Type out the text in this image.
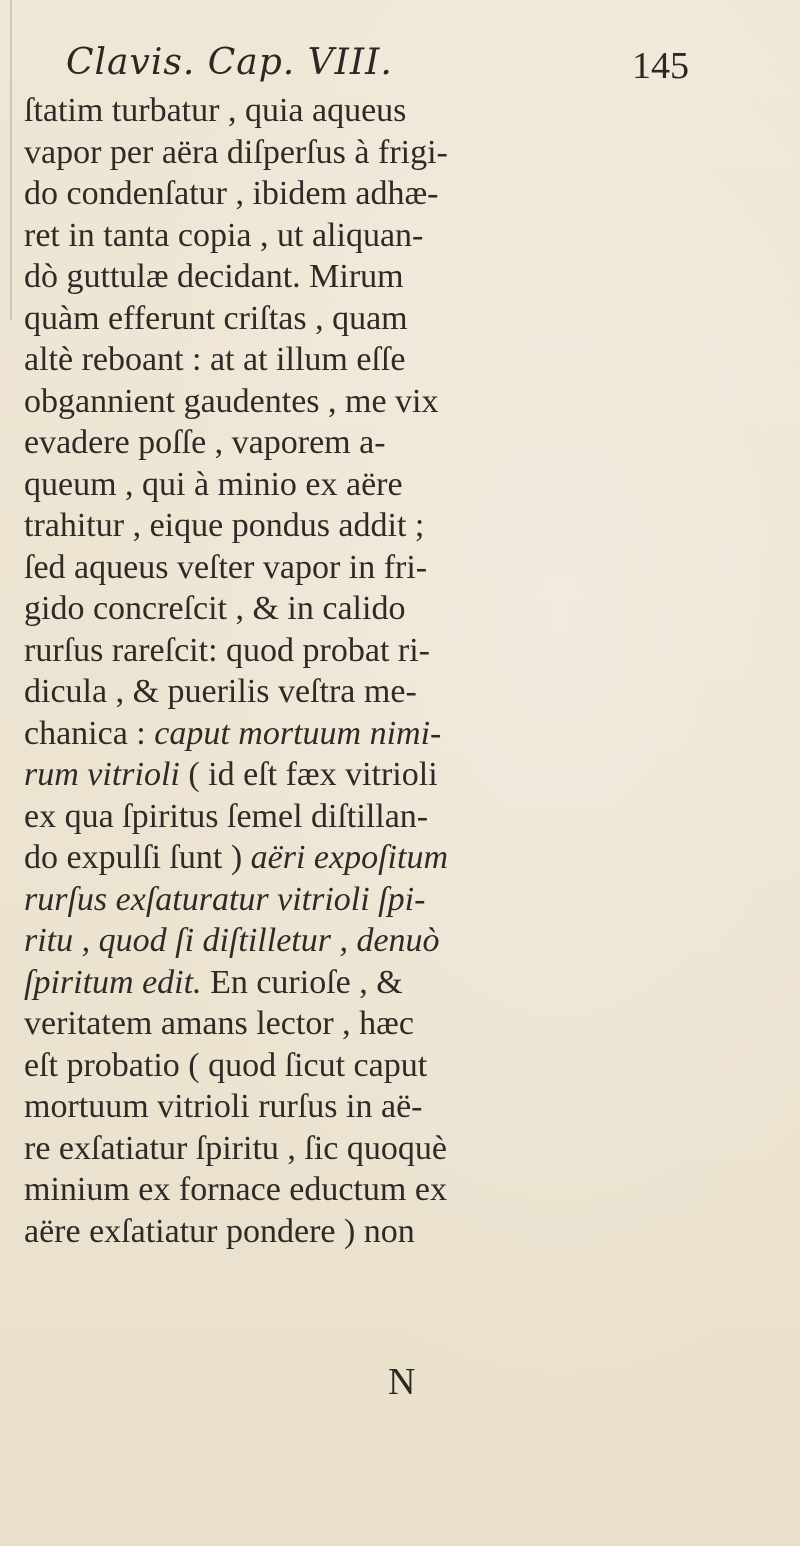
Clavis. Cap. VIII.	145
ſtatim turbatur , quia aqueus
vapor per aëra diſperſus à frigi-
do condenſatur , ibidem adhæ-
ret in tanta copia , ut aliquan-
dò guttulæ decidant. Mirum
quàm efferunt criſtas , quam
altè reboant : at at illum eſſe
obgannient gaudentes , me vix
evadere poſſe , vaporem a-
queum , qui à minio ex aëre
trahitur , eique pondus addit ;
ſed aqueus veſter vapor in fri-
gido concreſcit , & in calido
rurſus rareſcit: quod probat ri-
dicula , & puerilis veſtra me-
chanica : caput mortuum nimi-
rum vitrioli ( id eſt fæx vitrioli
ex qua ſpiritus ſemel diſtillan-
do expulſi ſunt ) aëri expoſitum
rurſus exſaturatur vitrioli ſpi-
ritu , quod ſi diſtilletur , denuò
ſpiritum edit. En curioſe , &
veritatem amans lector , hæc
eſt probatio ( quod ſicut caput
mortuum vitrioli rurſus in aë-
re exſatiatur ſpiritu , ſic quoquè
minium ex fornace eductum ex
aëre exſatiatur pondere ) non
N
